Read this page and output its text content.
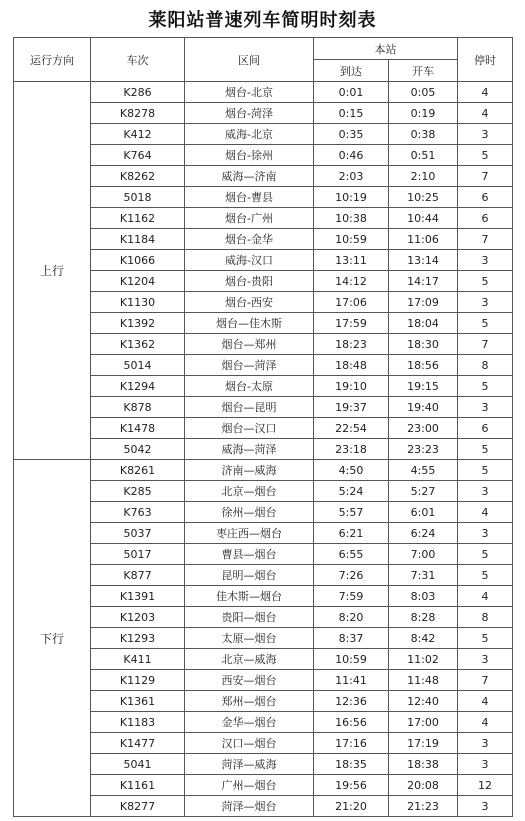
莱阳站普速列车简明时刻表
运行方向	车次	区间	本站		停时
			到达	开车	
上行	K286	烟台-北京	0:01	0:05	4
	K8278	烟台-菏泽	0:15	0:19	4
	K412	威海-北京	0:35	0:38	3
	K764	烟台-徐州	0:46	0:51	5
	K8262	威海—济南	2:03	2:10	7
	5018	烟台-曹县	10:19	10:25	6
	K1162	烟台-广州	10:38	10:44	6
	K1184	烟台-金华	10:59	11:06	7
	K1066	威海-汉口	13:11	13:14	3
	K1204	烟台-贵阳	14:12	14:17	5
	K1130	烟台-西安	17:06	17:09	3
	K1392	烟台—佳木斯	17:59	18:04	5
	K1362	烟台—郑州	18:23	18:30	7
	5014	烟台—菏泽	18:48	18:56	8
	K1294	烟台-太原	19:10	19:15	5
	K878	烟台—昆明	19:37	19:40	3
	K1478	烟台—汉口	22:54	23:00	6
	5042	威海—菏泽	23:18	23:23	5
下行	K8261	济南—威海	4:50	4:55	5
	K285	北京—烟台	5:24	5:27	3
	K763	徐州—烟台	5:57	6:01	4
	5037	枣庄西—烟台	6:21	6:24	3
	5017	曹县—烟台	6:55	7:00	5
	K877	昆明—烟台	7:26	7:31	5
	K1391	佳木斯—烟台	7:59	8:03	4
	K1203	贵阳—烟台	8:20	8:28	8
	K1293	太原—烟台	8:37	8:42	5
	K411	北京—威海	10:59	11:02	3
	K1129	西安—烟台	11:41	11:48	7
	K1361	郑州—烟台	12:36	12:40	4
	K1183	金华—烟台	16:56	17:00	4
	K1477	汉口—烟台	17:16	17:19	3
	5041	菏泽—威海	18:35	18:38	3
	K1161	广州—烟台	19:56	20:08	12
	K8277	菏泽—烟台	21:20	21:23	3
